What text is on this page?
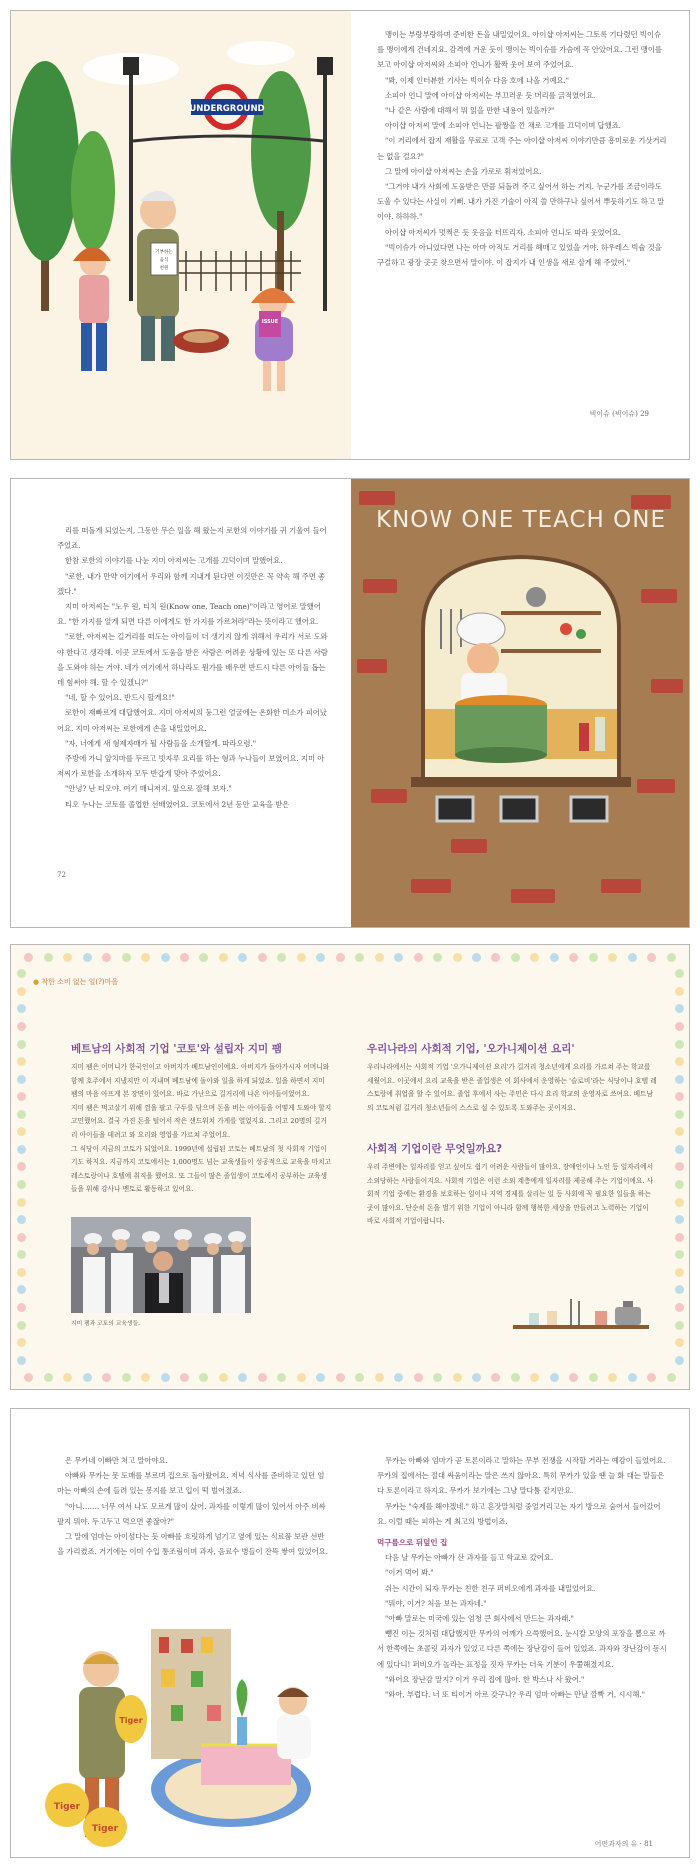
UNDERGROUND
기부하는
음식
천원
ISSUE

맹이는 부랑부랑하며 준비한 돈을 내밀었어요. 아이샵 아저씨는 그토록 기다렸던 빅이슈를 맹이에게 건네지요. 감격에 겨운 듯이 맹이는 빅이슈를 가슴에 꼭 안았어요. 그런 맹이를 보고 아이샵 아저씨와 소피아 언니가 활짝 웃어 보여 주었어요.

"봐, 이제 인터뷰한 기사는 빅이슈 다음 호에 나올 거예요."

소피아 언니 말에 아이샵 아저씨는 부끄러운 듯 머리를 긁적였어요.

"나 같은 사람에 대해서 뭐 읽을 만한 내용이 있을까?"

아이샵 아저씨 말에 소피아 언니는 팔짱을 낀 채로 고개를 끄덕이며 답했죠.

"이 거리에서 잡지 재활을 무료로 고객 주는 아이샵 아저씨 이야기만큼 흥미로운 기삿거리는 없을 걸요?"

그 말에 아이샵 아저씨는 손을 가로로 휘저었어요.

"그거야 내가 사회에 도움받은 만큼 되돌려 주고 싶어서 하는 거지. 누군가를 조금이라도 도울 수 있다는 사실이 기뻐. 내가 가진 기술이 아직 쓸 만하구나 싶어서 뿌듯하기도 하고 말이야. 하하하."

아이샵 아저씨가 멋쩍은 듯 웃음을 터뜨리자, 소피아 언니도 따라 웃었어요.

"빅이슈가 아니었다면 나는 아마 아직도 거리를 헤매고 있었을 거야. 하우레스 빅슐 것을 구걸하고 광장 곳곳 찾으면서 말이야. 이 잡지가 내 인생을 새로 살게 해 주었어."

빅이슈 (빅이슈) 29

리를 떠돌게 되었는지, 그동안 무슨 일을 해 왔는지 로한의 이야기를 귀 기울여 들어 주었죠.

한참 로한의 이야기를 나눈 지미 아저씨는 고개를 끄덕이며 말했어요.

"로한, 내가 만약 여기에서 우리와 함께 지내게 된다면 이것만은 꼭 약속 해 주면 좋겠다."

지미 아저씨는 "노우 원, 티치 원(Know one, Teach one)"이라고 영어로 말했어요. "한 가지를 알게 되면 다른 이에게도 한 가지를 가르쳐라"라는 뜻이라고 했어요.

"로한, 아저씨는 길거리를 떠도는 아이들이 더 생기지 않게 위해서 우리가 서로 도와야 한다고 생각해. 이곳 코토에서 도움을 받은 사람은 어려운 상황에 있는 또 다른 사람을 도와야 하는 거야. 네가 여기에서 하나라도 뭔가를 배우면 반드시 다른 아이들 돕는 데 힘써야 해. 할 수 있겠니?"

"네, 할 수 있어요. 반드시 할게요!"

로한이 재빠르게 대답했어요. 지미 아저씨의 둥그런 얼굴에는 온화한 미소가 피어났어요. 지미 아저씨는 로한에게 손을 내밀었어요.

"자, 너에게 새 형제자매가 될 사람들을 소개할게. 따라오렴."

주방에 가니 앞치마를 두르고 빗자루 요리를 하는 형과 누나들이 보였어요. 지미 아저씨가 로한을 소개하자 모두 반갑게 맞아 주었어요.

"안녕? 난 티오야. 여기 매니저지. 앞으로 잘해 보자."

티오 누나는 코토를 졸업한 선배였어요. 코토에서 2년 동안 교육을 받은

72
KNOW ONE TEACH ONE
● 착한 소비 없는 일(?)마을
베트남의 사회적 기업 '코토'와 설립자 지미 팸

지미 팸은 어머니가 한국인이고 아버지가 베트남인이에요. 아버지가 돌아가시자 어머니와 함께 호주에서 지냈지만 이 지내며 베트남에 돌아와 일을 하게 되었죠. 일을 하면서 지미 팸의 마음 아프게 본 장면이 있어요. 바로 가난으로 길거리에 나온 아이들이었어요.

지미 팸은 먹고살기 위해 껌을 팔고 구두를 닦으며 돈을 버는 아이들을 어떻게 도와야 할지 고민했어요. 결국 가진 돈을 털어서 작은 샌드위치 가게를 열었지요. 그리고 20명의 길거리 아이들을 데려고 와 요리와 영업을 가르쳐 주었어요.

그 식당이 지금의 코토가 되었어요. 1999년에 설립된 코토는 베트남의 첫 사회적 기업이기도 하지요. 지금까지 코토에서는 1,000명도 넘는 교육생들이 성공적으로 교육을 마치고 레스토랑이나 호텔에 취직을 했어요. 또 그들이 많은 졸업생이 코토에서 공부하는 교육생들을 위해 강사나 멘토로 활동하고 있어요.

지미 팸과 코토의 교육생들.
우리나라의 사회적 기업, '오가니제이션 요리'

우리나라에서는 사회적 기업 '오가니제이션 요리'가 길거리 청소년에게 요리를 가르쳐 주는 학교를 세웠어요. 이곳에서 요리 교육을 받은 졸업생은 이 회사에서 운영하는 '슬로비'라는 식당이나 호텔 레스토랑에 취업을 할 수 있어요. 졸업 후에서 사는 주민은 다시 요리 학교의 운영자로 쓰여요. 베트남의 코토처럼 길거리 청소년들이 스스로 설 수 있도록 도와주는 곳이지요.

사회적 기업이란 무엇일까요?

우리 주변에는 일자리를 얻고 싶어도 쉽기 어려운 사람들이 많아요. 장애인이나 노인 등 일자리에서 소외당하는 사람들이지요. 사회적 기업은 이런 소외 계층에게 일자리를 제공해 주는 기업이에요. 사회적 기업 중에는 환경을 보호하는 일이나 지역 경제를 살리는 일 등 사회에 꼭 필요한 일들을 하는 곳이 많아요. 단순히 돈을 벌기 위한 기업이 아니라 함께 행복한 세상을 만들려고 노력하는 기업이 바로 사회적 기업이랍니다.

은 무카네 이빠만 쳐고 말아야요.

아빠와 무카는 못 도매를 부르며 집으로 돌아왔어요. 저녁 식사를 준비하고 있던 엄마는 아빠의 손에 들려 있는 봉지를 보고 입이 떡 벌어졌죠.

"아니……. 너무 여서 나도 모르게 많이 샀어. 과자를 이렇게 많이 있어서 아주 비싸 팔지 뭐야. 두고두고 먹으면 좋잖아?"

그 말에 엄마는 아이섬다는 듯 아빠를 흐릿하게 넘기고 옆에 있는 식료품 보관 선반을 가리켰죠. 거기에는 이미 수입 통조림이며 과자, 음료수 병들이 잔뜩 쌓여 있었어요.

Tiger
Tiger
Tiger

무카는 아빠와 엄마가 곧 토론이라고 말하는 무부 전쟁을 시작할 거라는 예감이 들었어요. 무카의 집에서는 절대 싸움이라는 말은 쓰지 않아요. 특히 무카가 있을 땐 늘 화 대는 말들은 다 토론이라고 하지요. 무카가 보기에는 그냥 말다툼 같지만요.

무카는 "숙제를 해야겠네." 하고 혼잣말처럼 중얼거리고는 자기 방으로 숨어서 들어갔어요. 이럴 때는 피하는 게 최고의 방법이죠.

먹구름으로 뒤덮인 집

다음 날 무카는 아빠가 산 과자를 들고 학교로 갔어요.

"이거 먹어 봐."

쉬는 시간이 되자 무카는 친한 친구 퍼비오에게 과자를 내밀었어요.

"뭐야, 이거? 처음 보는 과자네."

"아빠 말로는 미국에 있는 엄청 큰 회사에서 만드는 과자래."

뺑진 이는 것처럼 대답했지만 무카의 어깨가 으쓱했어요. 눈시칼 모양의 포장을 뽑으로 까서 한쪽에는 초콜릿 과자가 있었고 다른 쪽에는 장난감이 들어 있었죠. 과자와 장난감이 동시에 있다니! 퍼비오가 놀라는 표정을 짓자 무카는 더욱 기분이 우쭐해졌지요.

"와어요 장난감 말지? 이거 우리 집에 많아. 한 박스나 사 왔어."

"와아, 부럽다. 너 또 티이거 아르 갖구나? 우리 엄마 아빠는 만날 깜빡 거, 시시해."

어떤과자의 유 · 81
